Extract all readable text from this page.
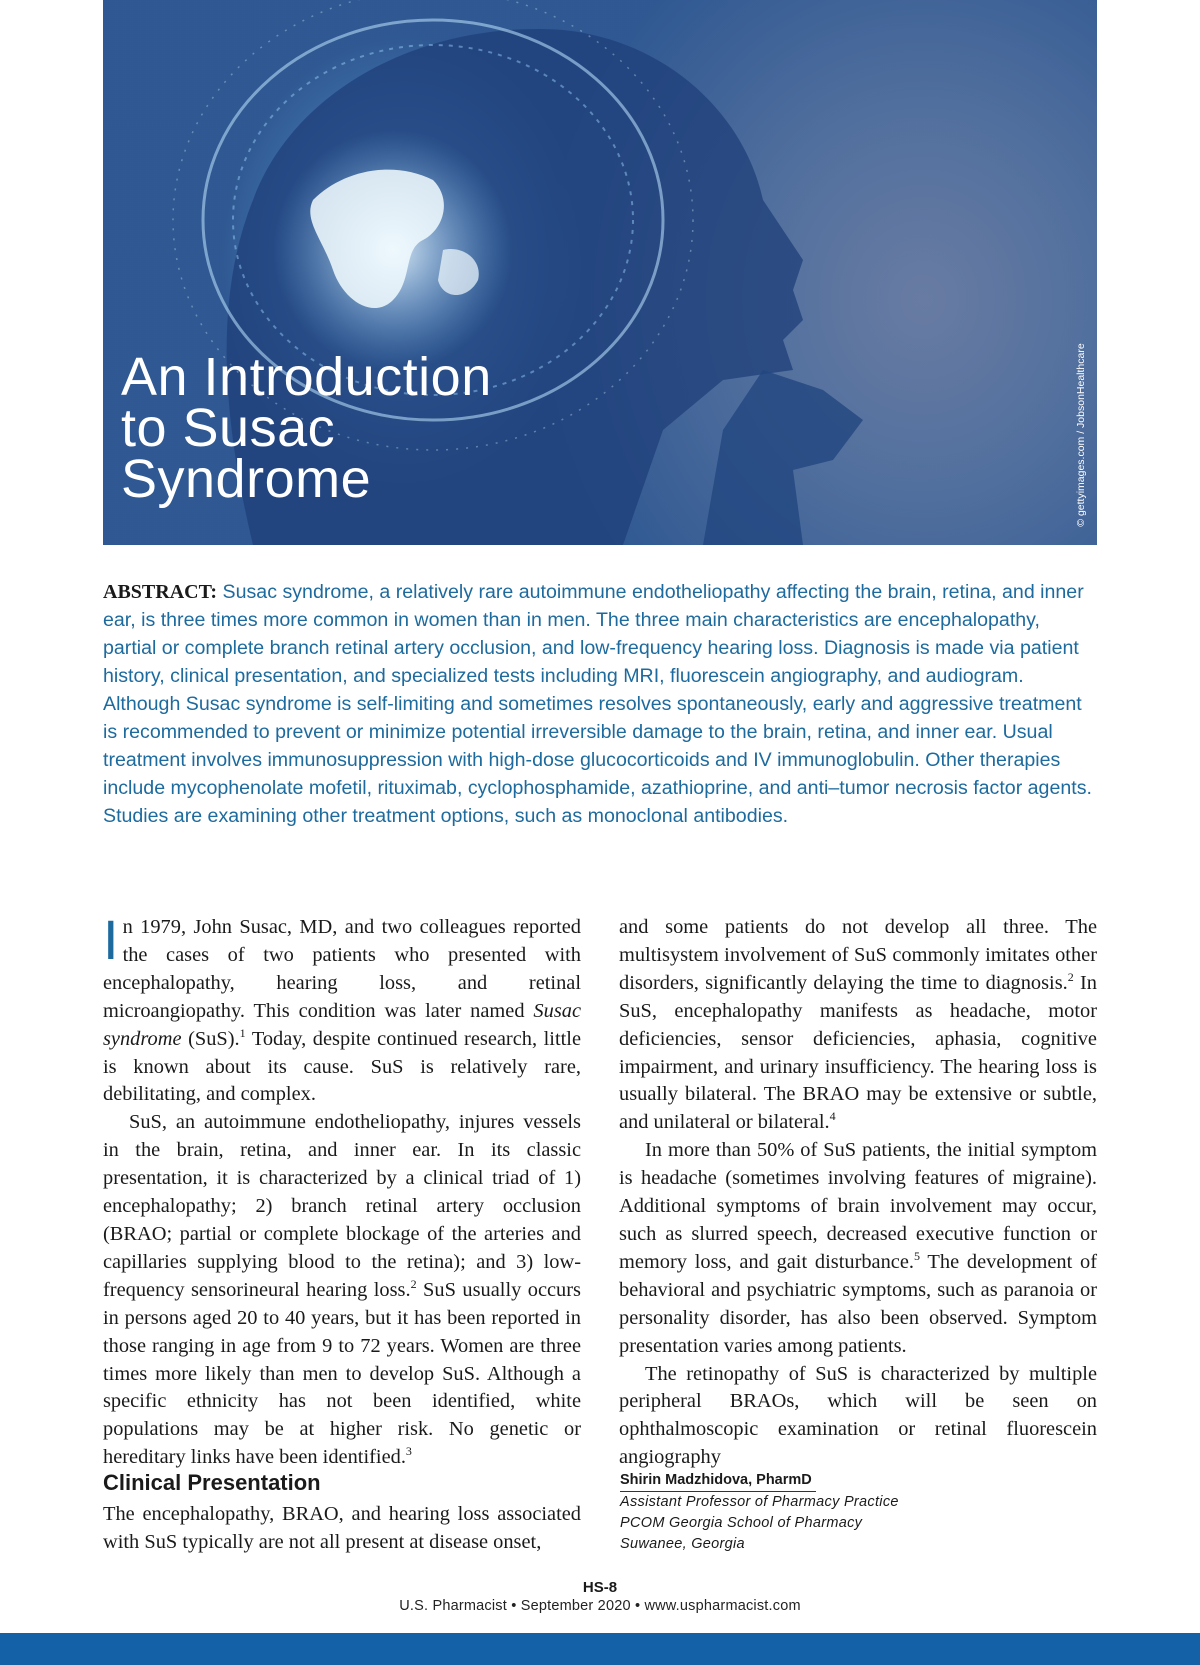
An Introduction
to Susac
Syndrome	© gettyimages.com / JobsonHealthcare

ABSTRACT: Susac syndrome, a relatively rare autoimmune endotheliopathy affecting the brain, retina, and inner ear, is three times more common in women than in men. The three main characteristics are encephalopathy, partial or complete branch retinal artery occlusion, and low-frequency hearing loss. Diagnosis is made via patient history, clinical presentation, and specialized tests including MRI, fluorescein angiography, and audiogram. Although Susac syndrome is self-limiting and sometimes resolves spontaneously, early and aggressive treatment is recommended to prevent or minimize potential irreversible damage to the brain, retina, and inner ear. Usual treatment involves immunosuppression with high-dose glucocorticoids and IV immunoglobulin. Other therapies include mycophenolate mofetil, rituximab, cyclophosphamide, azathioprine, and anti–tumor necrosis factor agents. Studies are examining other treatment options, such as monoclonal antibodies.

In 1979, John Susac, MD, and two colleagues reported the cases of two patients who presented with encephalopathy, hearing loss, and retinal microangiopathy. This condition was later named Susac syndrome (SuS).$^1$ Today, despite continued research, little is known about its cause. SuS is relatively rare, debilitating, and complex.

SuS, an autoimmune endotheliopathy, injures vessels in the brain, retina, and inner ear. In its classic presentation, it is characterized by a clinical triad of 1) encephalopathy; 2) branch retinal artery occlusion (BRAO; partial or complete blockage of the arteries and capillaries supplying blood to the retina); and 3) low-frequency sensorineural hearing loss.$^2$ SuS usually occurs in persons aged 20 to 40 years, but it has been reported in those ranging in age from 9 to 72 years. Women are three times more likely than men to develop SuS. Although a specific ethnicity has not been identified, white populations may be at higher risk. No genetic or hereditary links have been identified.$^3$

Clinical Presentation

The encephalopathy, BRAO, and hearing loss associated with SuS typically are not all present at disease onset,

and some patients do not develop all three. The multisystem involvement of SuS commonly imitates other disorders, significantly delaying the time to diagnosis.$^2$ In SuS, encephalopathy manifests as headache, motor deficiencies, sensor deficiencies, aphasia, cognitive impairment, and urinary insufficiency. The hearing loss is usually bilateral. The BRAO may be extensive or subtle, and unilateral or bilateral.$^4$

In more than 50% of SuS patients, the initial symptom is headache (sometimes involving features of migraine). Additional symptoms of brain involvement may occur, such as slurred speech, decreased executive function or memory loss, and gait disturbance.$^5$ The development of behavioral and psychiatric symptoms, such as paranoia or personality disorder, has also been observed. Symptom presentation varies among patients.

The retinopathy of SuS is characterized by multiple peripheral BRAOs, which will be seen on ophthalmoscopic examination or retinal fluorescein angiography

Shirin Madzhidova, PharmD
Assistant Professor of Pharmacy Practice
PCOM Georgia School of Pharmacy
Suwanee, Georgia
HS-8
U.S. Pharmacist • September 2020 • www.uspharmacist.com
